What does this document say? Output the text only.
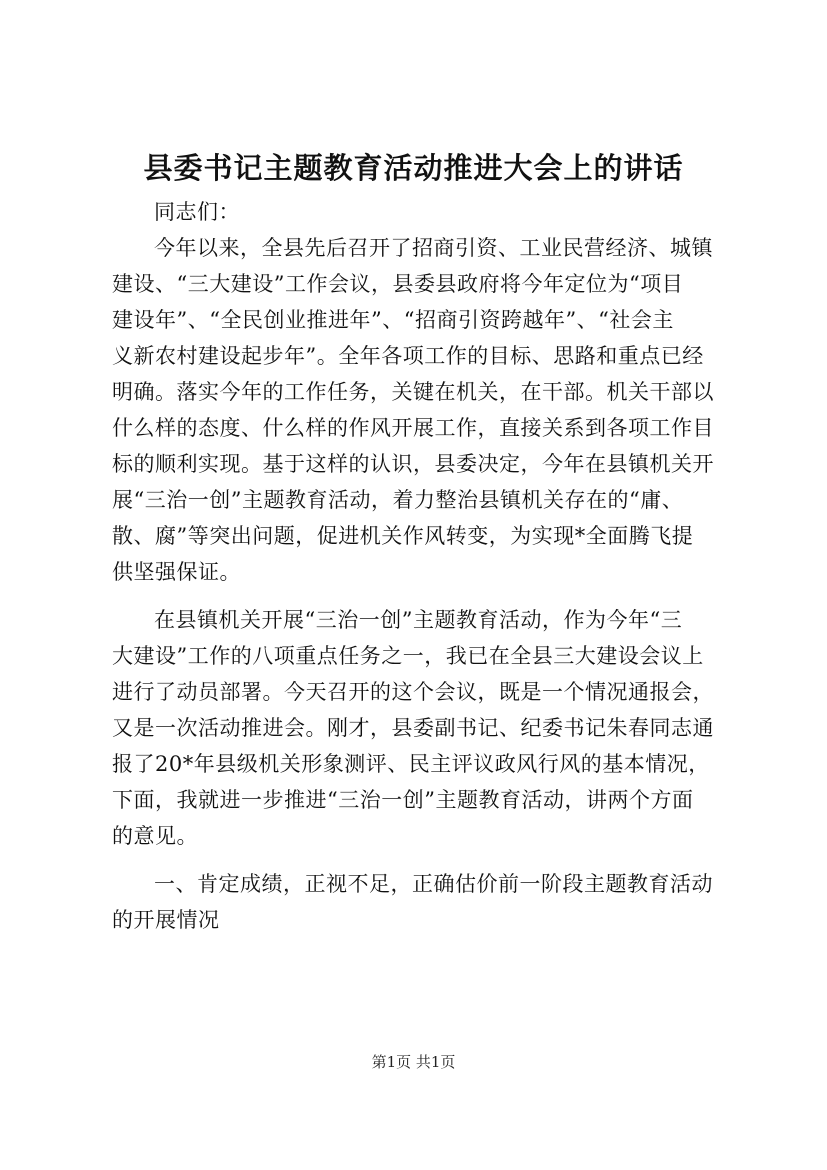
县委书记主题教育活动推进大会上的讲话
同志们：
今年以来，全县先后召开了招商引资、工业民营经济、城镇
建设、“三大建设”工作会议，县委县政府将今年定位为“项目
建设年”、“全民创业推进年”、“招商引资跨越年”、“社会主
义新农村建设起步年”。全年各项工作的目标、思路和重点已经
明确。落实今年的工作任务，关键在机关，在干部。机关干部以
什么样的态度、什么样的作风开展工作，直接关系到各项工作目
标的顺利实现。基于这样的认识，县委决定，今年在县镇机关开
展“三治一创”主题教育活动，着力整治县镇机关存在的“庸、
散、腐”等突出问题，促进机关作风转变，为实现*全面腾飞提
供坚强保证。
在县镇机关开展“三治一创”主题教育活动，作为今年“三
大建设”工作的八项重点任务之一，我已在全县三大建设会议上
进行了动员部署。今天召开的这个会议，既是一个情况通报会，
又是一次活动推进会。刚才，县委副书记、纪委书记朱春同志通
报了20*年县级机关形象测评、民主评议政风行风的基本情况，
下面，我就进一步推进“三治一创”主题教育活动，讲两个方面
的意见。
一、肯定成绩，正视不足，正确估价前一阶段主题教育活动
的开展情况
第1页 共1页
